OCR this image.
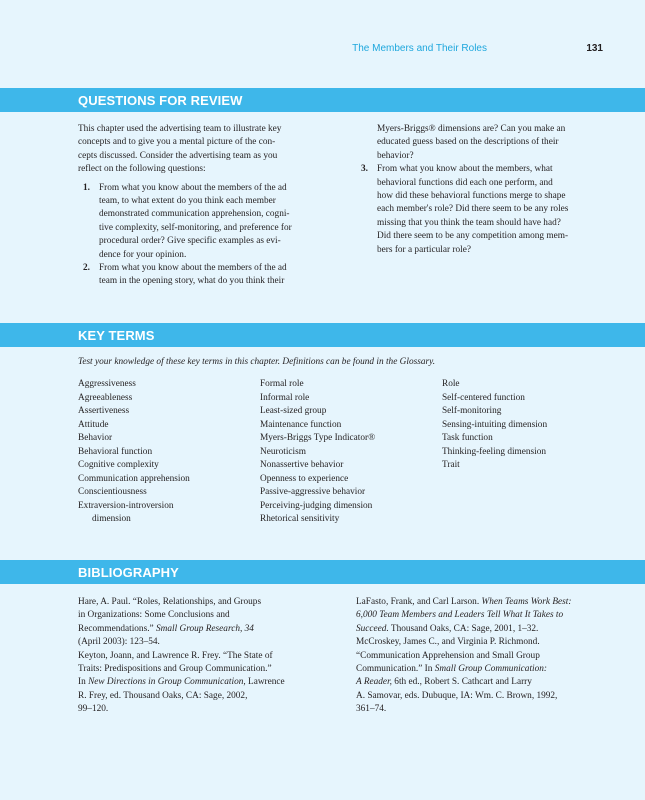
The Members and Their Roles	131
QUESTIONS FOR REVIEW

This chapter used the advertising team to illustrate key
concepts and to give you a mental picture of the con-
cepts discussed. Consider the advertising team as you
reflect on the following questions:

1. From what you know about the members of the ad
team, to what extent do you think each member
demonstrated communication apprehension, cogni-
tive complexity, self-monitoring, and preference for
procedural order? Give specific examples as evi-
dence for your opinion.
2. From what you know about the members of the ad
team in the opening story, what do you think their
Myers-Briggs® dimensions are? Can you make an
educated guess based on the descriptions of their
behavior?
3. From what you know about the members, what
behavioral functions did each one perform, and
how did these behavioral functions merge to shape
each member's role? Did there seem to be any roles
missing that you think the team should have had?
Did there seem to be any competition among mem-
bers for a particular role?
KEY TERMS
Test your knowledge of these key terms in this chapter. Definitions can be found in the Glossary.
Aggressiveness
Agreeableness
Assertiveness
Attitude
Behavior
Behavioral function
Cognitive complexity
Communication apprehension
Conscientiousness
Extraversion-introversion
dimension
Formal role
Informal role
Least-sized group
Maintenance function
Myers-Briggs Type Indicator®
Neuroticism
Nonassertive behavior
Openness to experience
Passive-aggressive behavior
Perceiving-judging dimension
Rhetorical sensitivity
Role
Self-centered function
Self-monitoring
Sensing-intuiting dimension
Task function
Thinking-feeling dimension
Trait
BIBLIOGRAPHY
Hare, A. Paul. “Roles, Relationships, and Groups
in Organizations: Some Conclusions and
Recommendations.” Small Group Research, 34
(April 2003): 123–54.
Keyton, Joann, and Lawrence R. Frey. “The State of
Traits: Predispositions and Group Communication.”
In New Directions in Group Communication, Lawrence
R. Frey, ed. Thousand Oaks, CA: Sage, 2002,
99–120.
LaFasto, Frank, and Carl Larson. When Teams Work Best:
6,000 Team Members and Leaders Tell What It Takes to
Succeed. Thousand Oaks, CA: Sage, 2001, 1–32.
McCroskey, James C., and Virginia P. Richmond.
“Communication Apprehension and Small Group
Communication.” In Small Group Communication:
A Reader, 6th ed., Robert S. Cathcart and Larry
A. Samovar, eds. Dubuque, IA: Wm. C. Brown, 1992,
361–74.
